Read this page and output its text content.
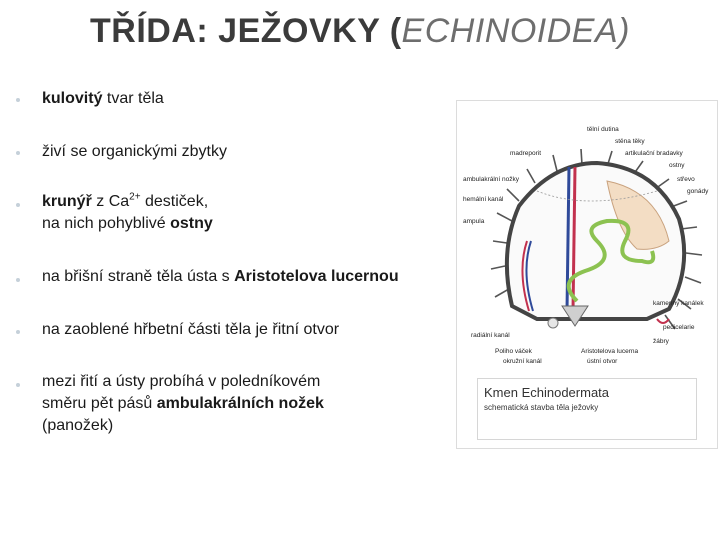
TŘÍDA: JEŽOVKY (ECHINOIDEA)
kulovitý tvar těla
živí se organickými zbytky
krunýř z $Ca^{2+}$ destiček,
na nich pohyblivé ostny
na břišní straně těla ústa s Aristotelova lucernou
na zaoblené hřbetní části těla je řitní otvor
mezi řití a ústy probíhá v poledníkovém
směru pět pásů ambulakrálních nožek
(panožek)
tělní dutina
stěna těky
madreporit	artikulační bradavky
ostny
střevo
gonády
ambulakrální nožky
hemální kanál
ampula
kamenný kanálek
pedicelarie
žábry
radiální kanál
Poliho váček
okružní kanál
Aristotelova lucerna
ústní otvor
Kmen Echinodermata
schematická stavba těla ježovky
